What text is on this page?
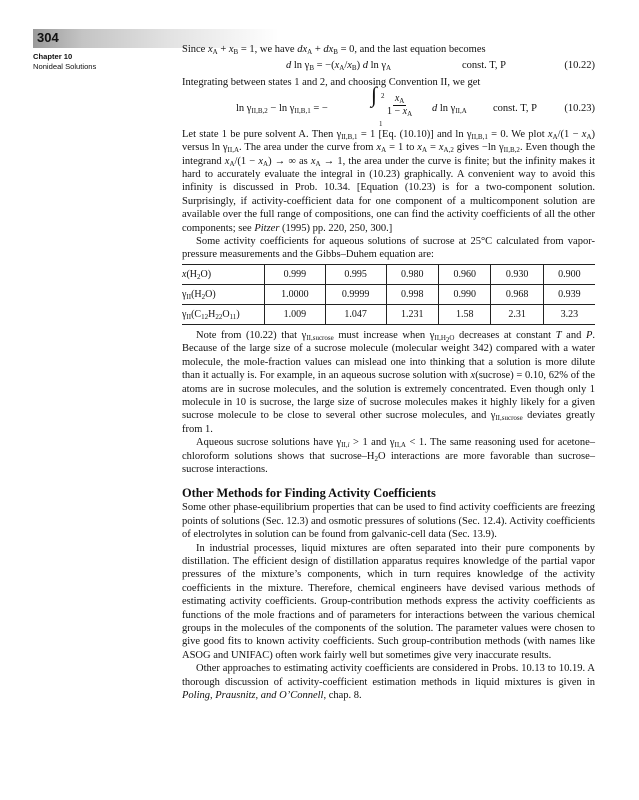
304
Chapter 10
Nonideal Solutions

Since $x_A + x_B = 1$, we have $dx_A + dx_B = 0$, and the last equation becomes

d $\ln \gamma_B = -(x_A/x_B)$ d $\ln \gamma_A$	const. T, P	(10.22)

Integrating between states 1 and 2, and choosing Convention II, we get

$\ln \gamma_{II,B,2} - \ln \gamma_{II,B,1}$ = −
∫ 2
1
$\frac{x_A}{1 - x_A}$ d $\ln \gamma_{II,A}$ const. T, P	(10.23)

Let state 1 be pure solvent A. Then $\gamma_{II,B,1} = 1$ [Eq. (10.10)] and $\ln \gamma_{II,B,1} = 0$. We plot $x_A/(1 - x_A)$ versus $\ln \gamma_{II,A}$. The area under the curve from $x_A = 1$ to $x_A = x_{A,2}$ gives −ln $\gamma_{II,B,2}$. Even though the integrand $x_A/(1 - x_A)$ → ∞ as $x_A \to 1$, the area under the curve is finite; but the infinity makes it hard to accurately evaluate the integral in (10.23) graphically. A convenient way to avoid this infinity is discussed in Prob. 10.34. [Equation (10.23) is for a two-component solution. Surprisingly, if activity-coefficient data for one component of a multicomponent solution are available over the full range of compositions, one can find the activity coefficients of all the other components; see Pitzer (1995) pp. 220, 250, 300.]

Some activity coefficients for aqueous solutions of sucrose at 25°C calculated from vapor-pressure measurements and the Gibbs–Duhem equation are:

$x(H_2O)$	0.999	0.995	0.980	0.960	0.930	0.900
$\gamma_{II}(H_2O)$	1.0000	0.9999	0.998	0.990	0.968	0.939
$\gamma_{II}(C_{12}H_{22}O_{11})$	1.009	1.047	1.231	1.58	2.31	3.23

Note from (10.22) that $\gamma_{II,sucrose}$ must increase when $\gamma_{II,H_2O}$ decreases at constant T and P. Because of the large size of a sucrose molecule (molecular weight 342) compared with a water molecule, the mole-fraction values can mislead one into thinking that a solution is more dilute than it actually is. For example, in an aqueous sucrose solution with x(sucrose) = 0.10, 62% of the atoms are in sucrose molecules, and the solution is extremely concentrated. Even though only 1 molecule in 10 is sucrose, the large size of sucrose molecules makes it highly likely for a given sucrose molecule to be close to several other sucrose molecules, and $\gamma_{II,sucrose}$ deviates greatly from 1.

Aqueous sucrose solutions have $\gamma_{II,i} > 1$ and $\gamma_{II,A} < 1$. The same reasoning used for acetone–chloroform solutions shows that sucrose–$H_2O$ interactions are more favorable than sucrose–sucrose interactions.

Other Methods for Finding Activity Coefficients

Some other phase-equilibrium properties that can be used to find activity coefficients are freezing points of solutions (Sec. 12.3) and osmotic pressures of solutions (Sec. 12.4). Activity coefficients of electrolytes in solution can be found from galvanic-cell data (Sec. 13.9).

In industrial processes, liquid mixtures are often separated into their pure components by distillation. The efficient design of distillation apparatus requires knowledge of the partial vapor pressures of the mixture’s components, which in turn requires knowledge of the activity coefficients in the mixture. Therefore, chemical engineers have devised various methods of estimating activity coefficients. Group-contribution methods express the activity coefficients as functions of the mole fractions and of parameters for interactions between the various chemical groups in the molecules of the components of the solution. The parameter values were chosen to give good fits to known activity coefficients. Such group-contribution methods (with names like ASOG and UNIFAC) often work fairly well but sometimes give very inaccurate results.

Other approaches to estimating activity coefficients are considered in Probs. 10.13 to 10.19. A thorough discussion of activity-coefficient estimation methods in liquid mixtures is given in Poling, Prausnitz, and O’Connell, chap. 8.
